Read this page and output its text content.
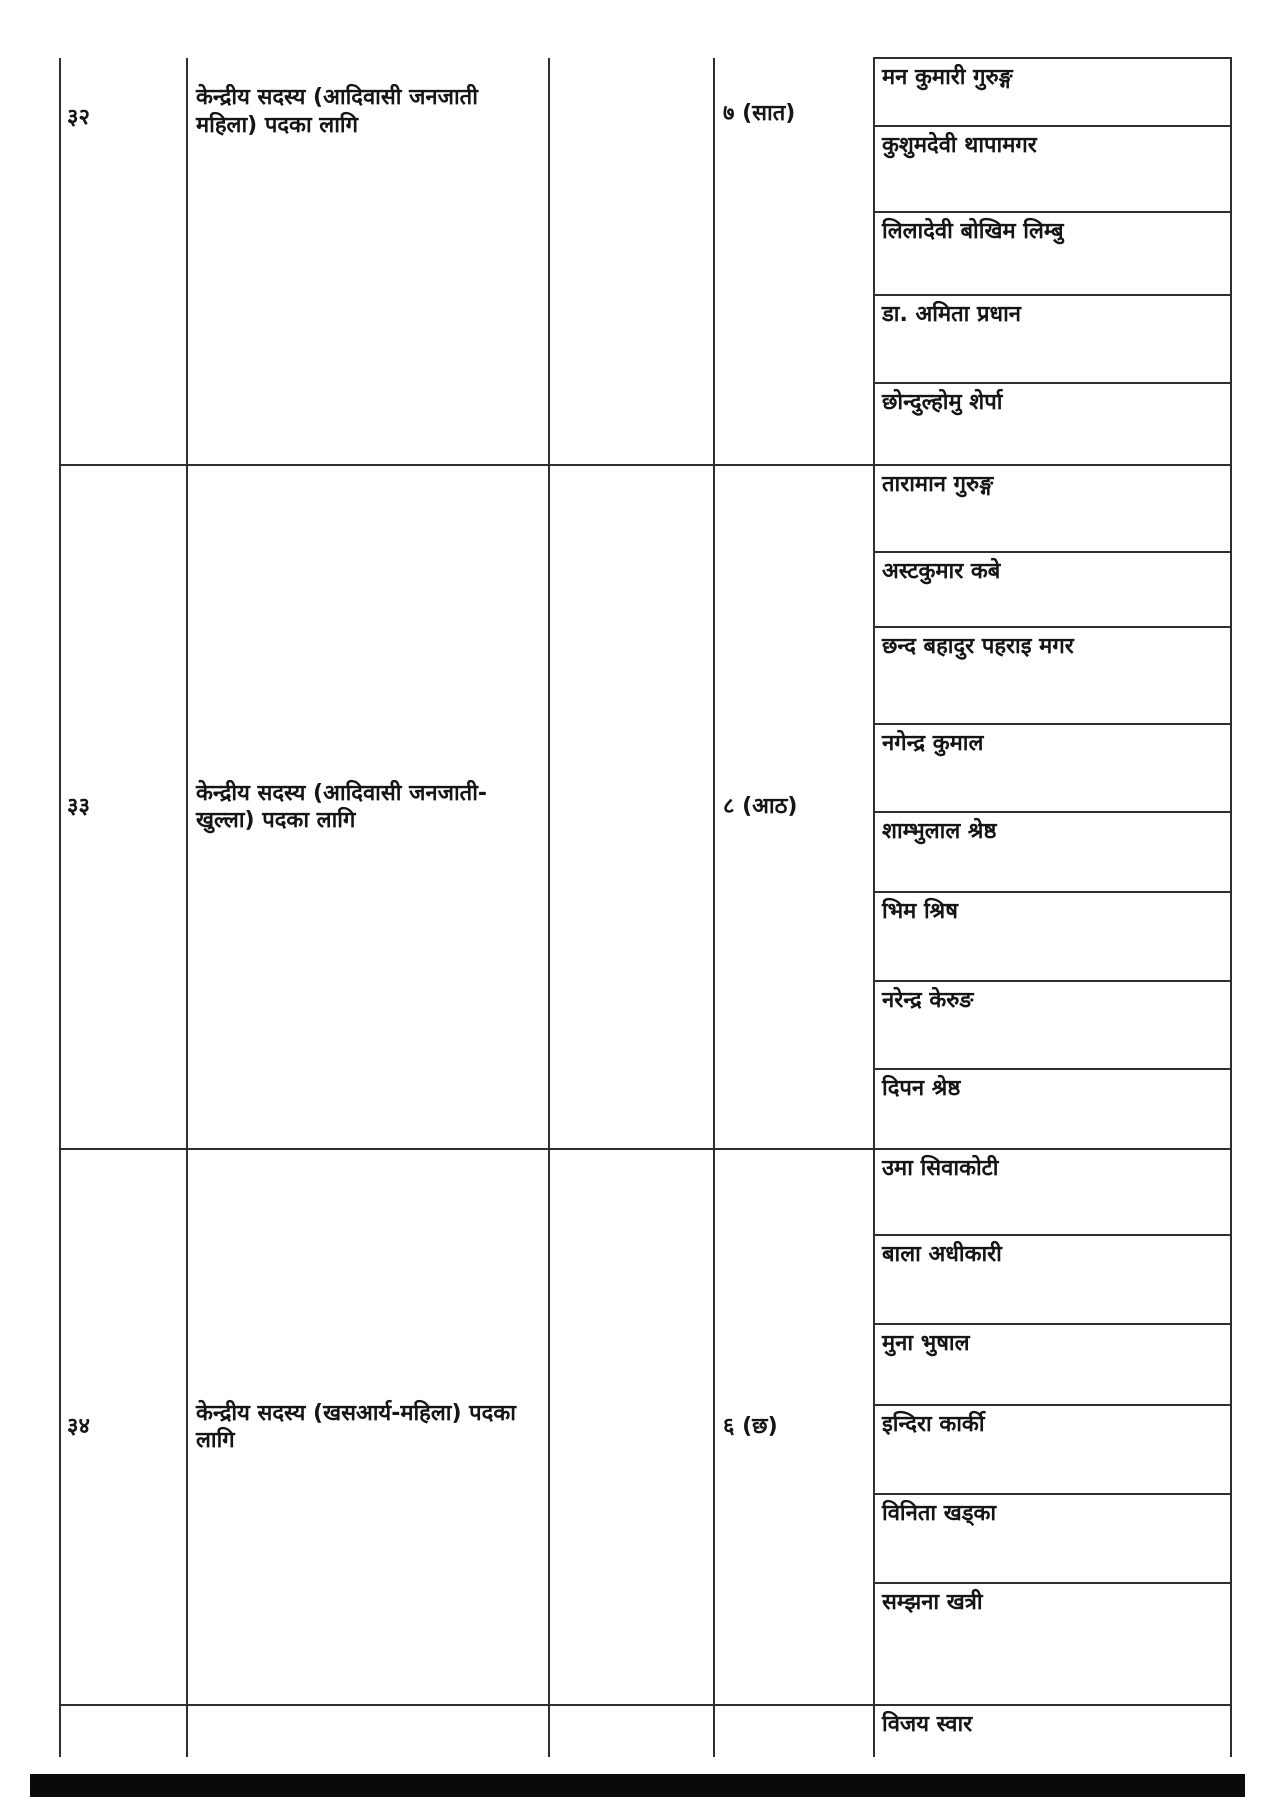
३२	केन्द्रीय सदस्य (आदिवासी जनजाती महिला) पदका लागि		७ (सात)	मन कुमारी गुरुङ्ग
				कुशुमदेवी थापामगर
				लिलादेवी बोखिम लिम्बु
				डा. अमिता प्रधान
				छोन्दुल्होमु शेर्पा
३३	केन्द्रीय सदस्य (आदिवासी जनजाती-खुल्ला) पदका लागि		८ (आठ)	तारामान गुरुङ्ग
				अस्टकुमार कबे
				छन्द बहादुर पहराइ मगर
				नगेन्द्र कुमाल
				शाम्भुलाल श्रेष्ठ
				भिम श्रिष
				नरेन्द्र केरुङ
				दिपन श्रेष्ठ
३४	केन्द्रीय सदस्य (खसआर्य-महिला) पदका लागि		६ (छ)	उमा सिवाकोटी
				बाला अधीकारी
				मुना भुषाल
				इन्दिरा कार्की
				विनिता खड्का
				सम्झना खत्री
				विजय स्वार
